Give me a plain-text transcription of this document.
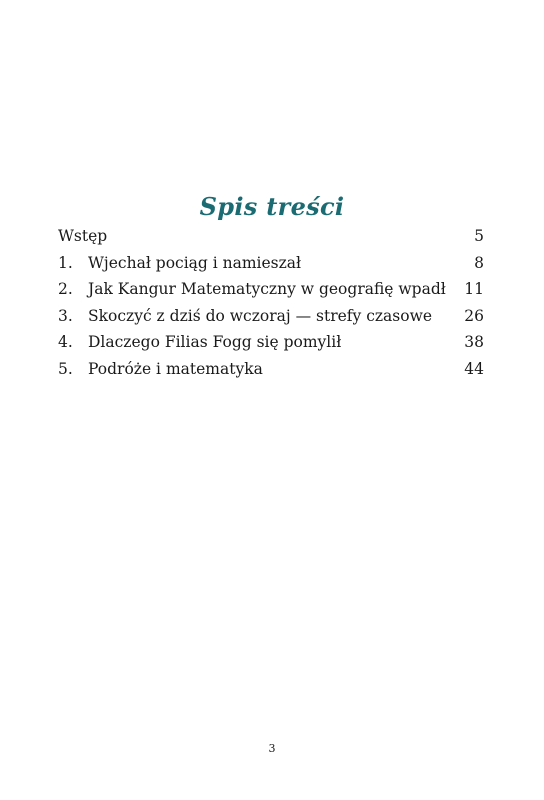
Spis treści
Wstęp	5
1. Wjechał pociąg i namieszał	8
2. Jak Kangur Matematyczny w geografię wpadł	11
3. Skoczyć z dziś do wczoraj — strefy czasowe	26
4. Dlaczego Filias Fogg się pomylił	38
5. Podróże i matematyka	44
3
